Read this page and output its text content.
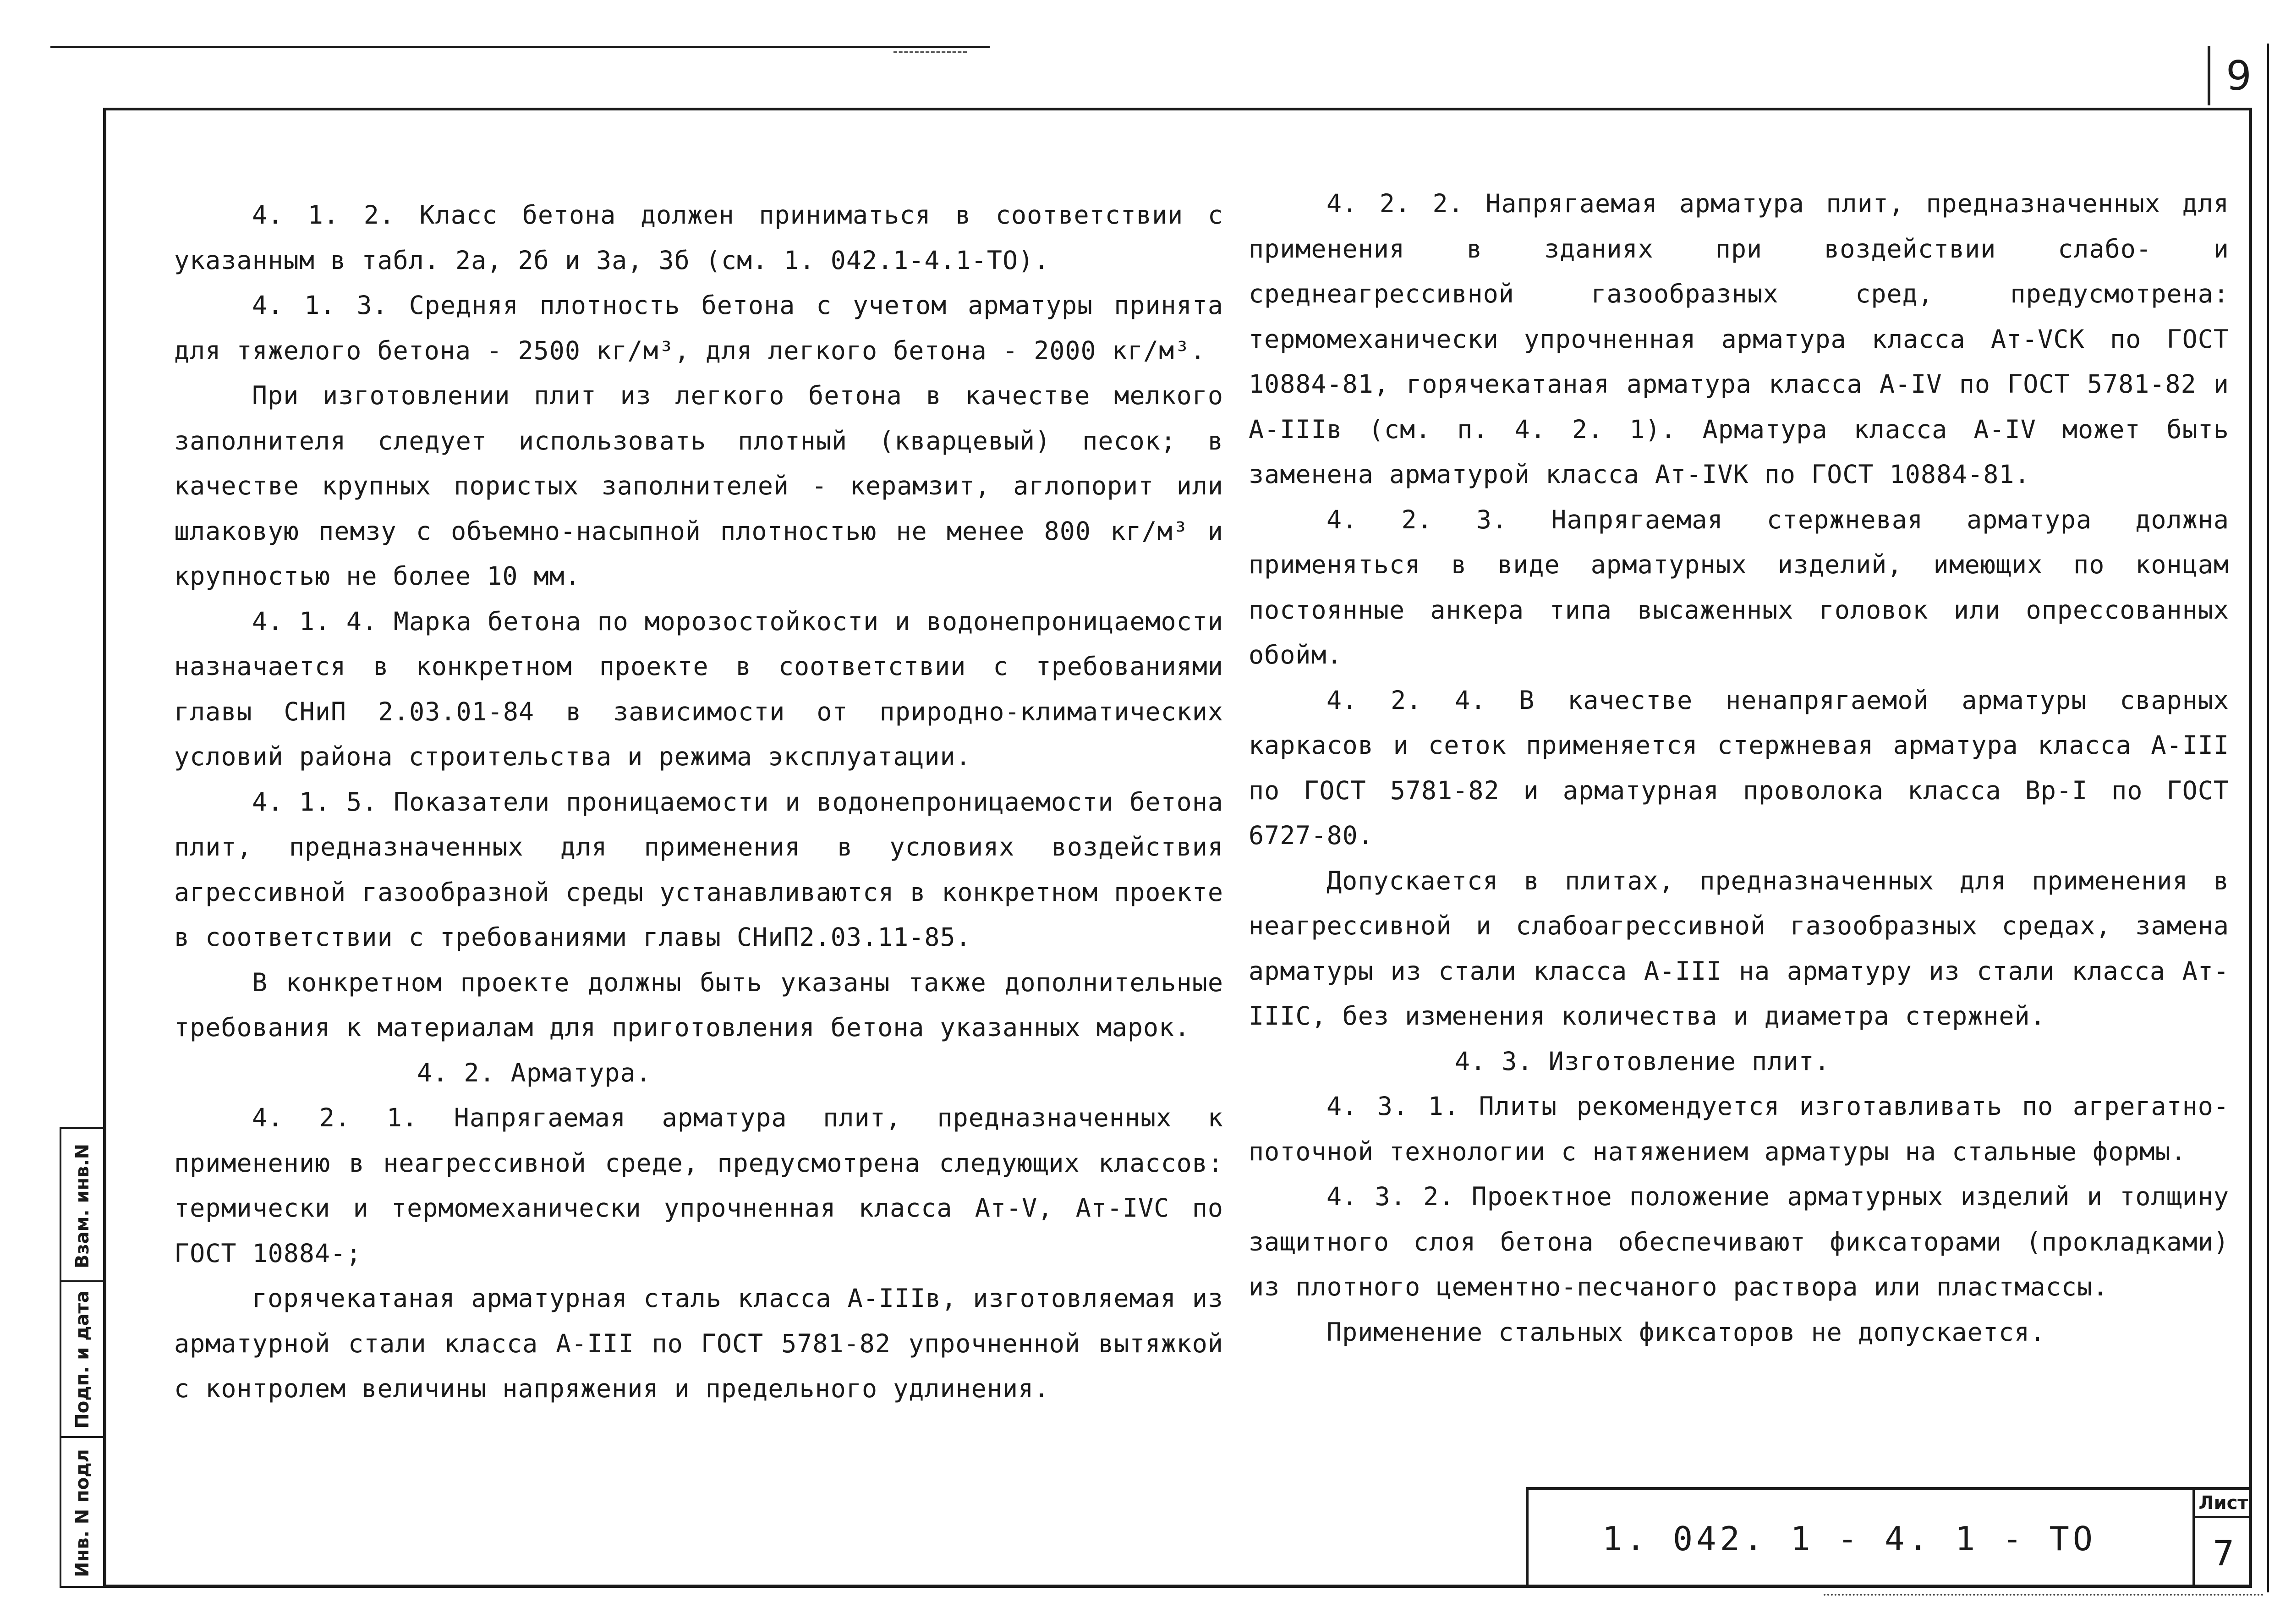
9
Взам. инв.N
Подп. и дата
Инв. N подл

4. 1. 2. Класс бетона должен приниматься в соответствии с указанным в табл. 2а, 2б и 3а, 3б (см. 1. 042.1-4.1-ТО).

4. 1. 3. Средняя плотность бетона с учетом арматуры принята для тяжелого бетона - 2500 кг/м³, для легкого бетона - 2000 кг/м³.

При изготовлении плит из легкого бетона в качестве мелкого заполнителя следует использовать плотный (кварцевый) песок; в качестве крупных пористых заполнителей - керамзит, аглопорит или шлаковую пемзу с объемно-насыпной плотностью не менее 800 кг/м³ и крупностью не более 10 мм.

4. 1. 4. Марка бетона по морозостойкости и водонепроницаемости назначается в конкретном проекте в соответствии с требованиями главы СНиП 2.03.01-84 в зависимости от природно-климатических условий района строительства и режима эксплуатации.

4. 1. 5. Показатели проницаемости и водонепроницаемости бетона плит, предназначенных для применения в условиях воздействия агрессивной газообразной среды устанавливаются в конкретном проекте в соответствии с требованиями главы СНиП2.03.11-85.

В конкретном проекте должны быть указаны также дополнительные требования к материалам для приготовления бетона указанных марок.

4. 2. Арматура.

4. 2. 1. Напрягаемая арматура плит, предназначенных к применению в неагрессивной среде, предусмотрена следующих классов: термически и термомеханически упрочненная класса Ат-V, Ат-IVС по ГОСТ 10884-;

горячекатаная арматурная сталь класса А-IIIв, изготовляемая из арматурной стали класса А-III по ГОСТ 5781-82 упрочненной вытяжкой с контролем величины напряжения и предельного удлинения.

4. 2. 2. Напрягаемая арматура плит, предназначенных для применения в зданиях при воздействии слабо- и среднеагрессивной газообразных сред, предусмотрена: термомеханически упрочненная арматура класса Ат-VСК по ГОСТ 10884-81, горячекатаная арматура класса А-IV по ГОСТ 5781-82 и А-IIIв (см. п. 4. 2. 1). Арматура класса А-IV может быть заменена арматурой класса Ат-IVК по ГОСТ 10884-81.

4. 2. 3. Напрягаемая стержневая арматура должна применяться в виде арматурных изделий, имеющих по концам постоянные анкера типа высаженных головок или опрессованных обойм.

4. 2. 4. В качестве ненапрягаемой арматуры сварных каркасов и сеток применяется стержневая арматура класса А-III по ГОСТ 5781-82 и арматурная проволока класса Вр-I по ГОСТ 6727-80.

Допускается в плитах, предназначенных для применения в неагрессивной и слабоагрессивной газообразных средах, замена арматуры из стали класса А-III на арматуру из стали класса Ат-IIIС, без изменения количества и диаметра стержней.

4. 3. Изготовление плит.

4. 3. 1. Плиты рекомендуется изготавливать по агрегатно-поточной технологии с натяжением арматуры на стальные формы.

4. 3. 2. Проектное положение арматурных изделий и толщину защитного слоя бетона обеспечивают фиксаторами (прокладками) из плотного цементно-песчаного раствора или пластмассы.

Применение стальных фиксаторов не допускается.

1. 042. 1 - 4. 1 - ТО
Лист
7
